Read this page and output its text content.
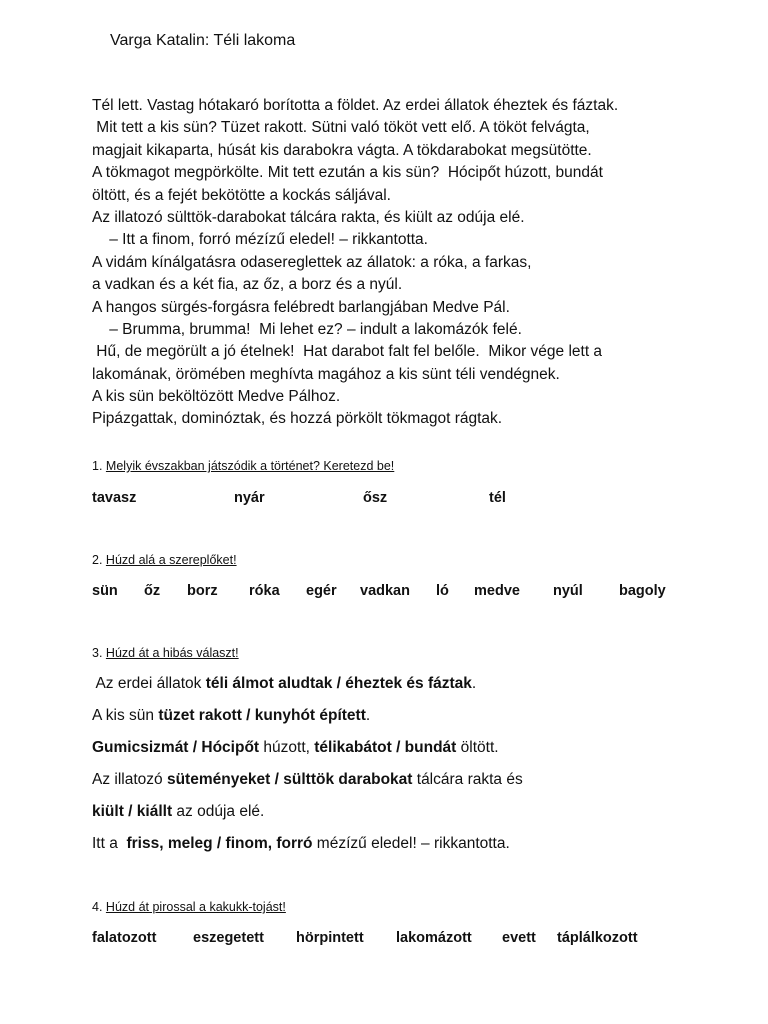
Varga Katalin: Téli lakoma
Tél lett. Vastag hótakaró borította a földet. Az erdei állatok éheztek és fáztak.
Mit tett a kis sün? Tüzet rakott. Sütni való tököt vett elő. A tököt felvágta,
magjait kikaparta, húsát kis darabokra vágta. A tökdarabokat megsütötte.
A tökmagot megpörkölte. Mit tett ezután a kis sün?  Hócipőt húzott, bundát
öltött, és a fejét bekötötte a kockás sáljával.
Az illatozó sülttök-darabokat tálcára rakta, és kiült az odúja elé.
– Itt a finom, forró mézízű eledel! – rikkantotta.
A vidám kínálgatásra odasereglettek az állatok: a róka, a farkas,
a vadkan és a két fia, az őz, a borz és a nyúl.
A hangos sürgés-forgásra felébredt barlangjában Medve Pál.
– Brumma, brumma!  Mi lehet ez? – indult a lakomázók felé.
Hű, de megörült a jó ételnek!  Hat darabot falt fel belőle.  Mikor vége lett a
lakomának, örömében meghívta magához a kis sünt téli vendégnek.
A kis sün beköltözött Medve Pálhoz.
Pipázgattak, dominóztak, és hozzá pörkölt tökmagot rágtak.
1. Melyik évszakban játszódik a történet? Keretezd be!
tavasz	nyár	ősz	tél
2. Húzd alá a szereplőket!
sün őz borz róka egér vadkan ló medve nyúl bagoly
3. Húzd át a hibás választ!
Az erdei állatok téli álmot aludtak / éheztek és fáztak.
A kis sün tüzet rakott / kunyhót épített.
Gumicsizmát / Hócipőt húzott, télikabátot / bundát öltött.
Az illatozó süteményeket / sülttök darabokat tálcára rakta és
kiült / kiállt az odúja elé.
Itt a  friss, meleg / finom, forró mézízű eledel! – rikkantotta.
4. Húzd át pirossal a kakukk-tojást!
falatozott	eszegetett hörpintett lakomázott evett táplálkozott
